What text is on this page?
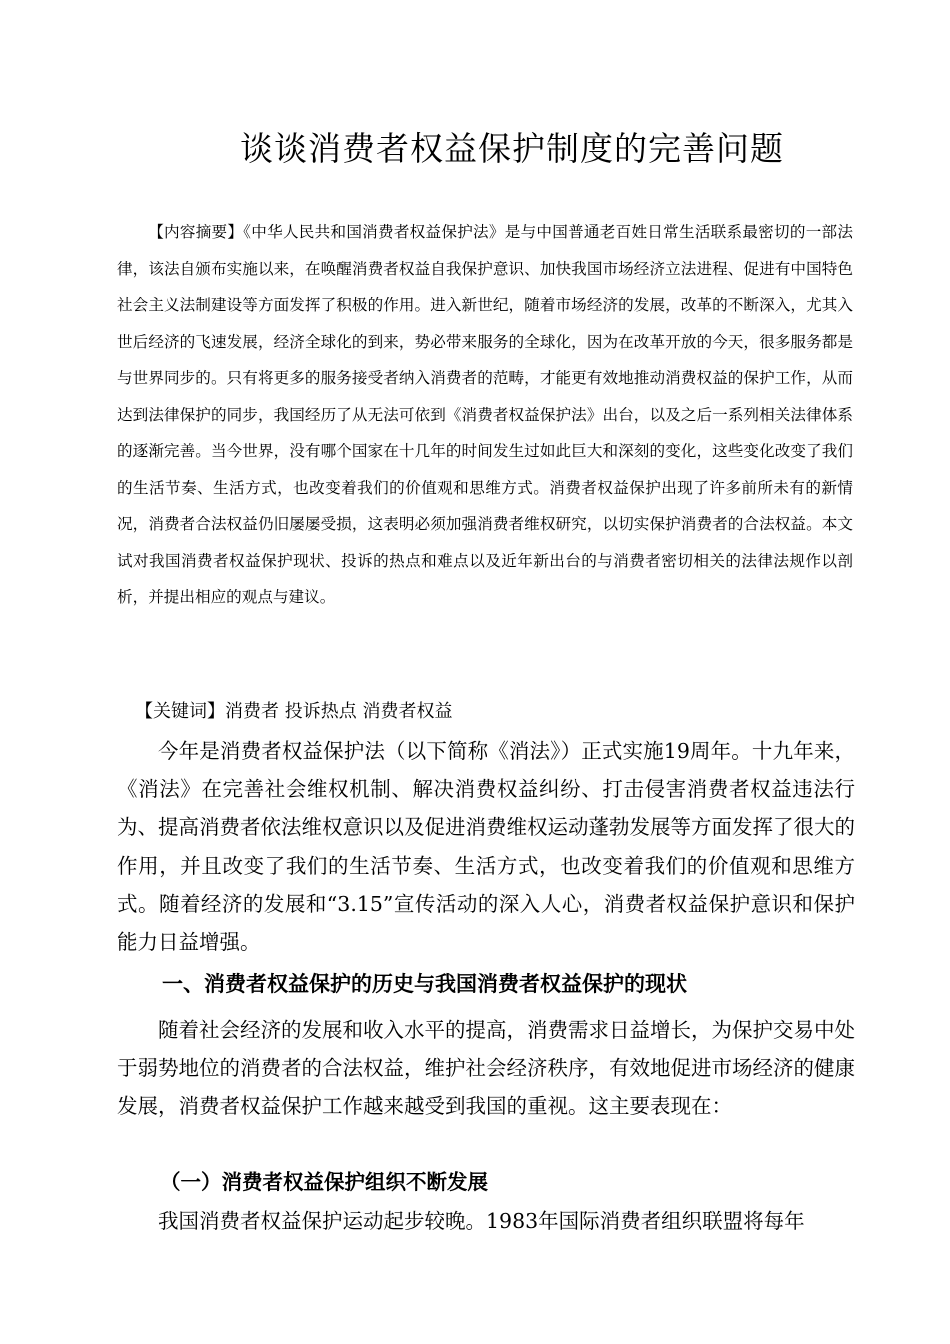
谈谈消费者权益保护制度的完善问题

【内容摘要】《中华人民共和国消费者权益保护法》是与中国普通老百姓日常生活联系最密切的一部法律，该法自颁布实施以来，在唤醒消费者权益自我保护意识、加快我国市场经济立法进程、促进有中国特色社会主义法制建设等方面发挥了积极的作用。进入新世纪，随着市场经济的发展，改革的不断深入，尤其入世后经济的飞速发展，经济全球化的到来，势必带来服务的全球化，因为在改革开放的今天，很多服务都是与世界同步的。只有将更多的服务接受者纳入消费者的范畴，才能更有效地推动消费权益的保护工作，从而达到法律保护的同步，我国经历了从无法可依到《消费者权益保护法》出台，以及之后一系列相关法律体系的逐渐完善。当今世界，没有哪个国家在十几年的时间发生过如此巨大和深刻的变化，这些变化改变了我们的生活节奏、生活方式，也改变着我们的价值观和思维方式。消费者权益保护出现了许多前所未有的新情况，消费者合法权益仍旧屡屡受损，这表明必须加强消费者维权研究，以切实保护消费者的合法权益。本文试对我国消费者权益保护现状、投诉的热点和难点以及近年新出台的与消费者密切相关的法律法规作以剖析，并提出相应的观点与建议。

【关键词】消费者 投诉热点 消费者权益

今年是消费者权益保护法（以下简称《消法》）正式实施19周年。十九年来，《消法》在完善社会维权机制、解决消费权益纠纷、打击侵害消费者权益违法行为、提高消费者依法维权意识以及促进消费维权运动蓬勃发展等方面发挥了很大的作用，并且改变了我们的生活节奏、生活方式，也改变着我们的价值观和思维方式。随着经济的发展和“3.15”宣传活动的深入人心，消费者权益保护意识和保护能力日益增强。

一、消费者权益保护的历史与我国消费者权益保护的现状

随着社会经济的发展和收入水平的提高，消费需求日益增长，为保护交易中处于弱势地位的消费者的合法权益，维护社会经济秩序，有效地促进市场经济的健康发展，消费者权益保护工作越来越受到我国的重视。这主要表现在：

（一）消费者权益保护组织不断发展

我国消费者权益保护运动起步较晚。1983年国际消费者组织联盟将每年
